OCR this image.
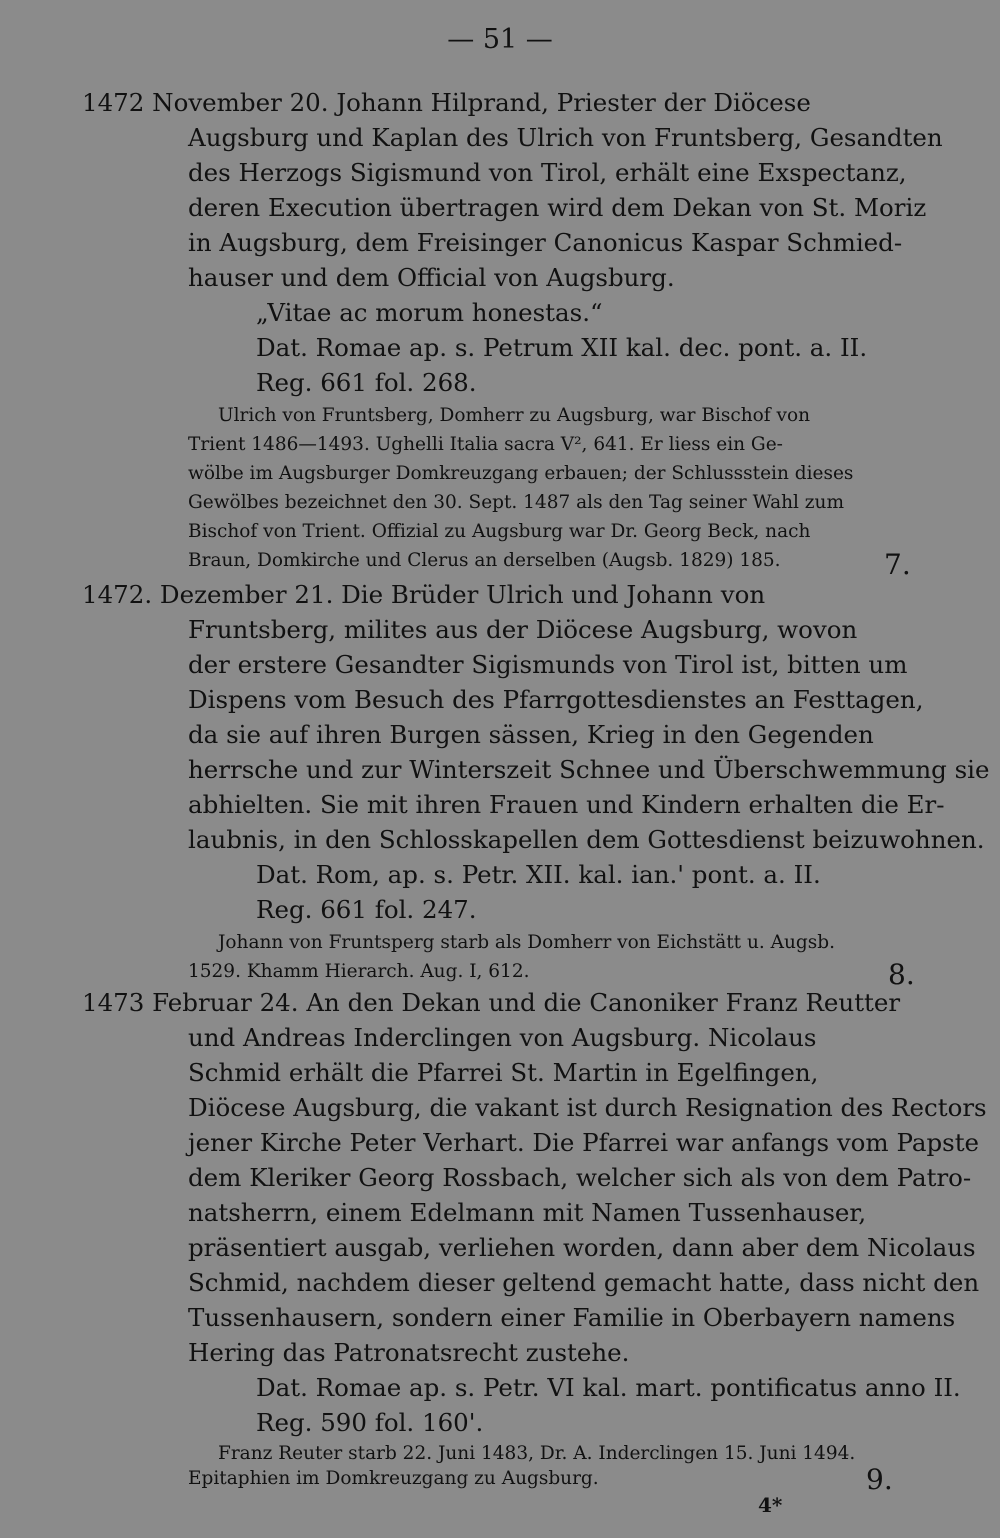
— 51 —
1472 November 20. Johann Hilprand, Priester der Diöcese
Augsburg und Kaplan des Ulrich von Fruntsberg, Gesandten
des Herzogs Sigismund von Tirol, erhält eine Exspectanz,
deren Execution übertragen wird dem Dekan von St. Moriz
in Augsburg, dem Freisinger Canonicus Kaspar Schmied-
hauser und dem Official von Augsburg.
„Vitae ac morum honestas.“
Dat. Romae ap. s. Petrum XII kal. dec. pont. a. II.
Reg. 661 fol. 268.
Ulrich von Fruntsberg, Domherr zu Augsburg, war Bischof von
Trient 1486—1493. Ughelli Italia sacra V², 641. Er liess ein Ge-
wölbe im Augsburger Domkreuzgang erbauen; der Schlussstein dieses
Gewölbes bezeichnet den 30. Sept. 1487 als den Tag seiner Wahl zum
Bischof von Trient. Offizial zu Augsburg war Dr. Georg Beck, nach
Braun, Domkirche und Clerus an derselben (Augsb. 1829) 185.	7.
1472. Dezember 21. Die Brüder Ulrich und Johann von
Fruntsberg, milites aus der Diöcese Augsburg, wovon
der erstere Gesandter Sigismunds von Tirol ist, bitten um
Dispens vom Besuch des Pfarrgottesdienstes an Festtagen,
da sie auf ihren Burgen sässen, Krieg in den Gegenden
herrsche und zur Winterszeit Schnee und Überschwemmung sie
abhielten. Sie mit ihren Frauen und Kindern erhalten die Er-
laubnis, in den Schlosskapellen dem Gottesdienst beizuwohnen.
Dat. Rom, ap. s. Petr. XII. kal. ian.' pont. a. II.
Reg. 661 fol. 247.
Johann von Fruntsperg starb als Domherr von Eichstätt u. Augsb.
1529. Khamm Hierarch. Aug. I, 612.	8.
1473 Februar 24. An den Dekan und die Canoniker Franz Reutter
und Andreas Inderclingen von Augsburg. Nicolaus
Schmid erhält die Pfarrei St. Martin in Egelfingen,
Diöcese Augsburg, die vakant ist durch Resignation des Rectors
jener Kirche Peter Verhart. Die Pfarrei war anfangs vom Papste
dem Kleriker Georg Rossbach, welcher sich als von dem Patro-
natsherrn, einem Edelmann mit Namen Tussenhauser,
präsentiert ausgab, verliehen worden, dann aber dem Nicolaus
Schmid, nachdem dieser geltend gemacht hatte, dass nicht den
Tussenhausern, sondern einer Familie in Oberbayern namens
Hering das Patronatsrecht zustehe.
Dat. Romae ap. s. Petr. VI kal. mart. pontificatus anno II.
Reg. 590 fol. 160'.
Franz Reuter starb 22. Juni 1483, Dr. A. Inderclingen 15. Juni 1494.
Epitaphien im Domkreuzgang zu Augsburg.	9.
4*
